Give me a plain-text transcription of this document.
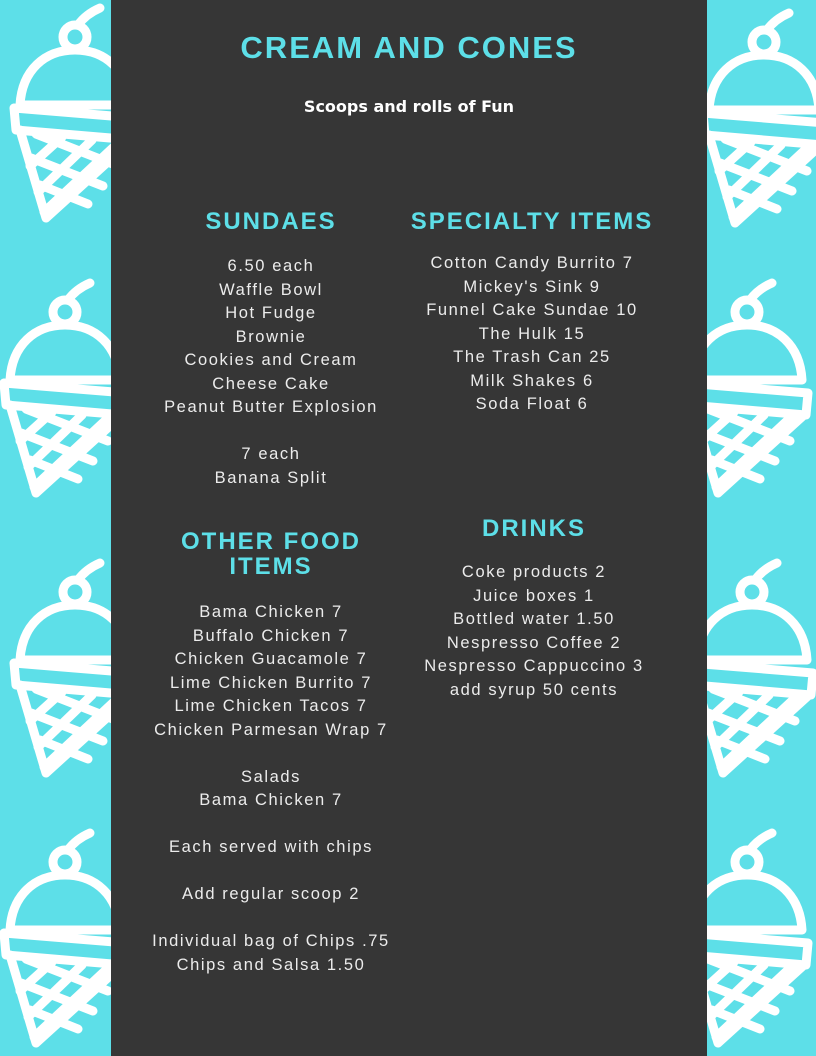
CREAM AND CONES

Scoops and rolls of Fun

SUNDAES
6.50 each
Waffle Bowl
Hot Fudge
Brownie
Cookies and Cream
Cheese Cake
Peanut Butter Explosion
7 each
Banana Split
SPECIALTY ITEMS
Cotton Candy Burrito 7
Mickey's Sink 9
Funnel Cake Sundae 10
The Hulk 15
The Trash Can 25
Milk Shakes 6
Soda Float 6
OTHER FOOD ITEMS
Bama Chicken 7
Buffalo Chicken 7
Chicken Guacamole 7
Lime Chicken Burrito 7
Lime Chicken Tacos 7
Chicken Parmesan Wrap 7
Salads
Bama Chicken 7
Each served with chips
Add regular scoop 2
Individual bag of Chips .75
Chips and Salsa 1.50
DRINKS
Coke products 2
Juice boxes 1
Bottled water 1.50
Nespresso Coffee 2
Nespresso Cappuccino 3
add syrup 50 cents
